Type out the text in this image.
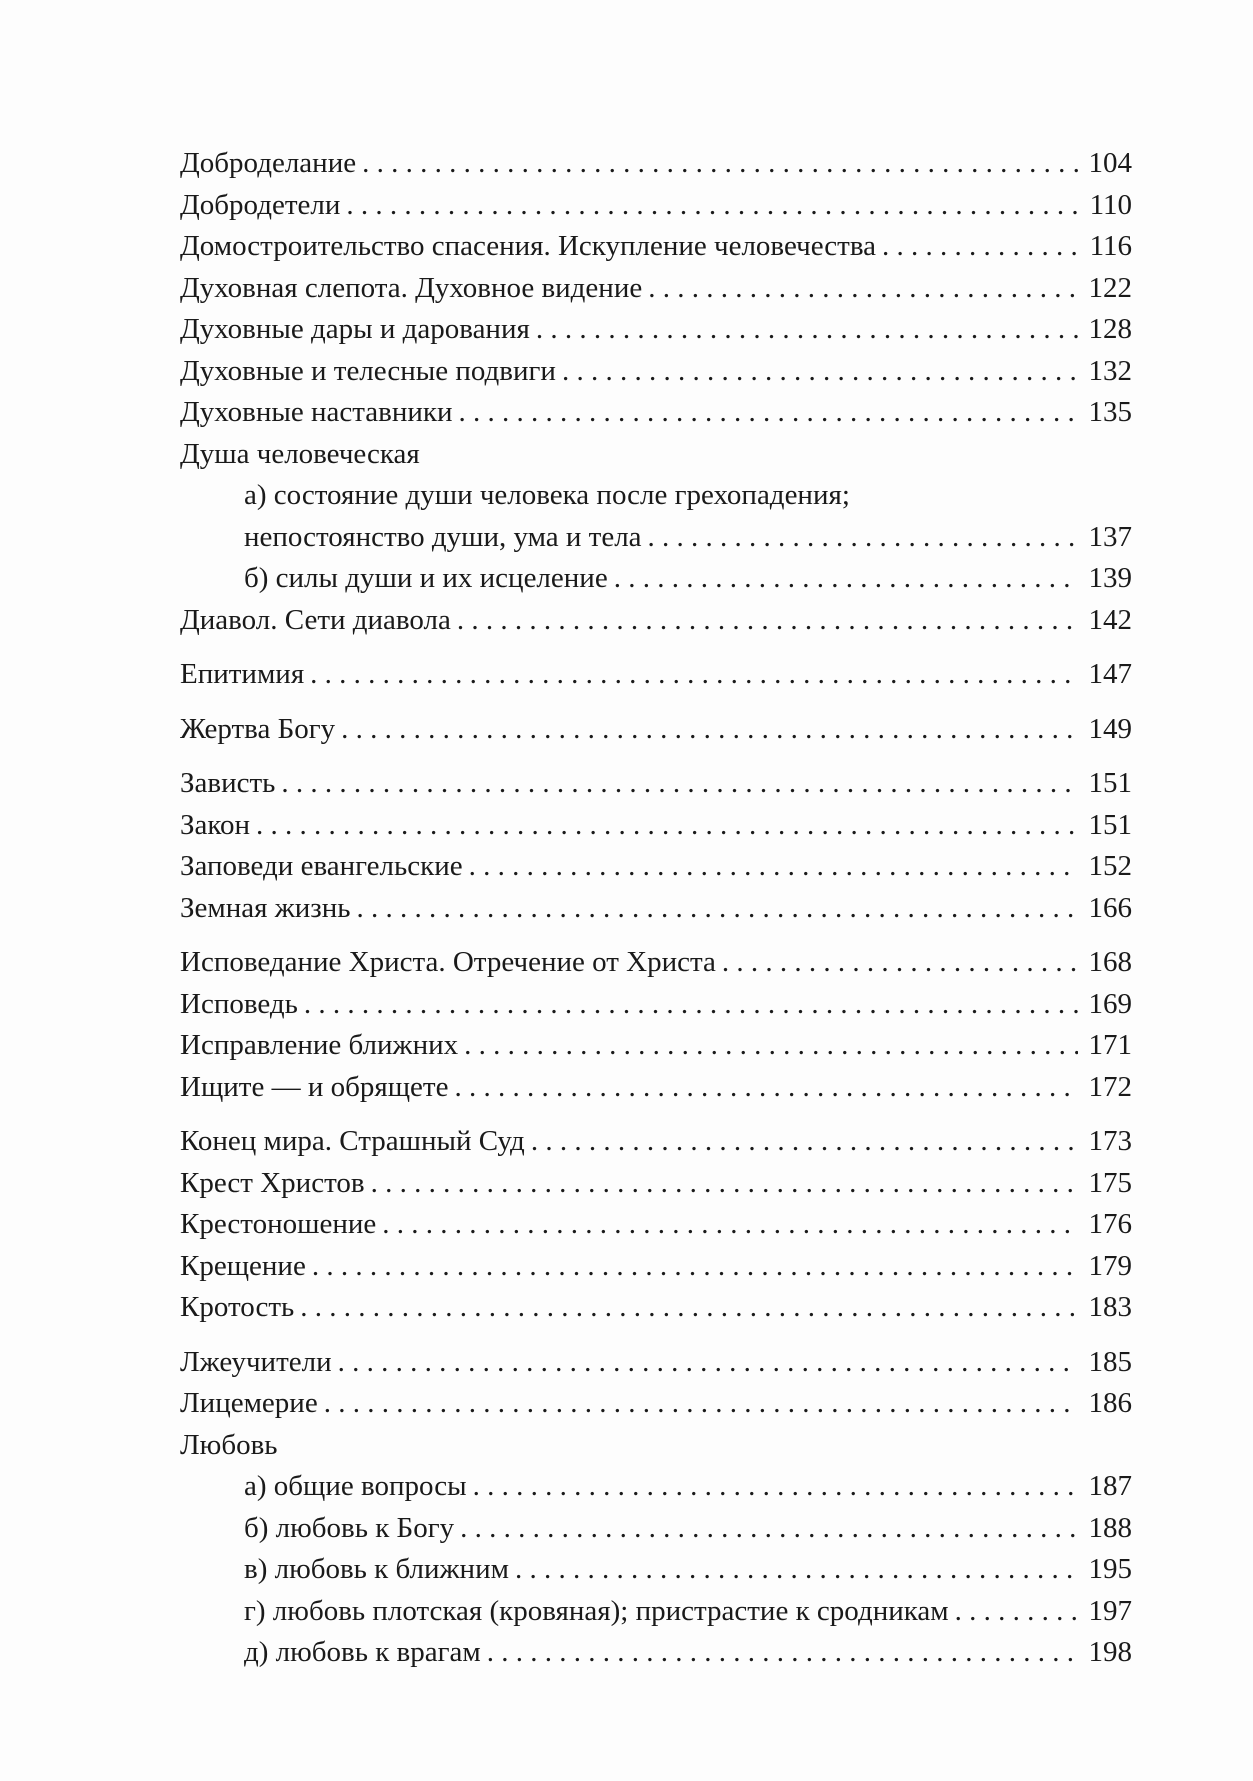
Доброделание . . .	104
Добродетели . . .	110
Домостроительство спасения. Искупление человечества . . .	116
Духовная слепота. Духовное видение . . .	122
Духовные дары и дарования . . .	128
Духовные и телесные подвиги . . .	132
Духовные наставники . . .	135
Душа человеческая
а) состояние души человека после грехопадения;
непостоянство души, ума и тела . . .	137
б) силы души и их исцеление . . .	139
Диавол. Сети диавола . . .	142
Епитимия . . .	147
Жертва Богу . . .	149
Зависть . . .	151
Закон . . .	151
Заповеди евангельские . . .	152
Земная жизнь . . .	166
Исповедание Христа. Отречение от Христа . . .	168
Исповедь . . .	169
Исправление ближних . . .	171
Ищите — и обрящете . . .	172
Конец мира. Страшный Суд . . .	173
Крест Христов . . .	175
Крестоношение . . .	176
Крещение . . .	179
Кротость . . .	183
Лжеучители . . .	185
Лицемерие . . .	186
Любовь
а) общие вопросы . . .	187
б) любовь к Богу . . .	188
в) любовь к ближним . . .	195
г) любовь плотская (кровяная); пристрастие к сродникам . . .	197
д) любовь к врагам . . .	198
